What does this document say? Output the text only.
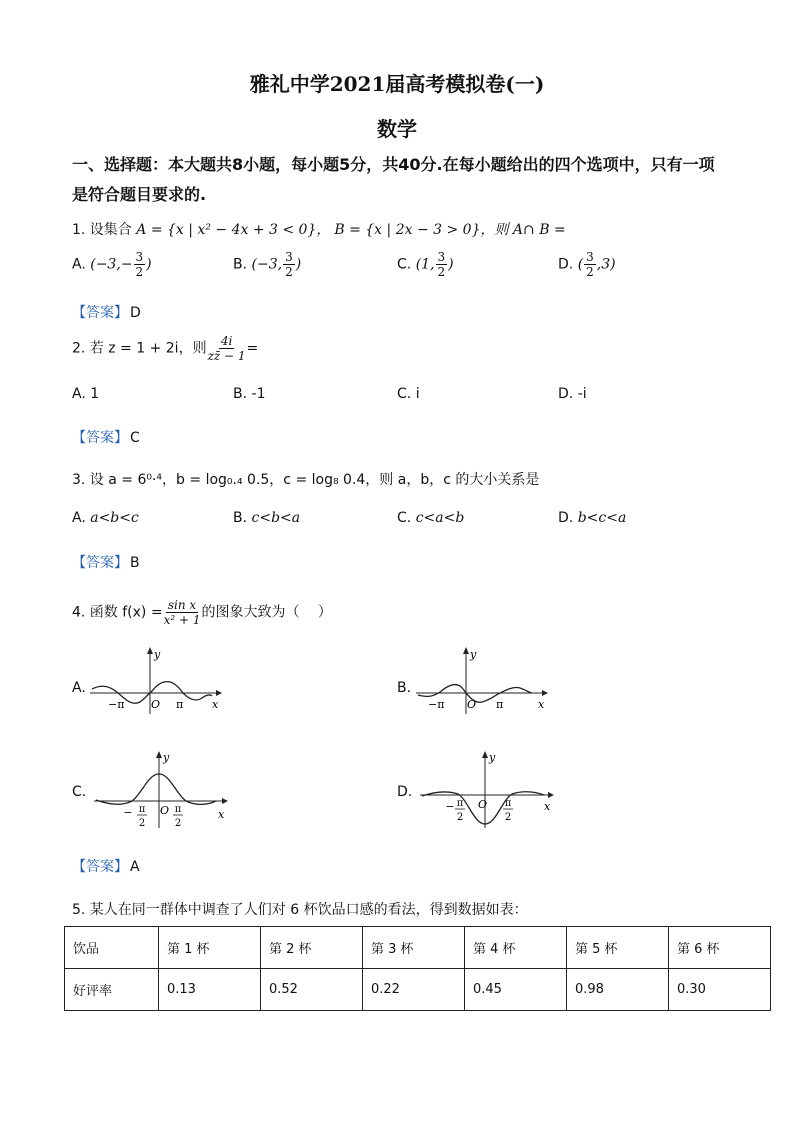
雅礼中学2021届高考模拟卷(一)
数学
一、选择题：本大题共8小题，每小题5分，共40分.在每小题给出的四个选项中，只有一项
是符合题目要求的.
1. 设集合 A = {x | x² − 4x + 3 < 0}， B = {x | 2x − 3 > 0}，则 A∩ B =
A. ($-3,- \frac{3}{2}$ )	B. (−3, $\frac{3}{2}$ )	C. (1, $\frac{3}{2}$ )	D. ( $\frac{3}{2} ,3$)
【答案】 D
2. 若 z = 1 + 2i，则 $\frac{4i}{zz̄ - 1}$ =
A. 1	B. -1	C. i	D. -i
【答案】 C
3. 设 a = 6⁰·⁴，b = log₀.₄ 0.5，c = log₈ 0.4，则 a，b，c 的大小关系是
A. a<b<c	B. c<b<a	C. c<a<b	D. b<c<a
【答案】 B
4. 函数 $f(x) = \frac{\text{sin x}}{\text{x² + 1}}$ 的图象大致为（　 ）
A.	B.
C.	D.
y
x
O
−π	π
y
x
O
−π	π
y
x
O
− π
2
π
2
y
x
O
− π
2
π
2
【答案】 A
5. 某人在同一群体中调查了人们对 6 杯饮品口感的看法，得到数据如表：
饮品	第 1 杯	第 2 杯	第 3 杯	第 4 杯	第 5 杯	第 6 杯
好评率	0.13	0.52	0.22	0.45	0.98	0.30
